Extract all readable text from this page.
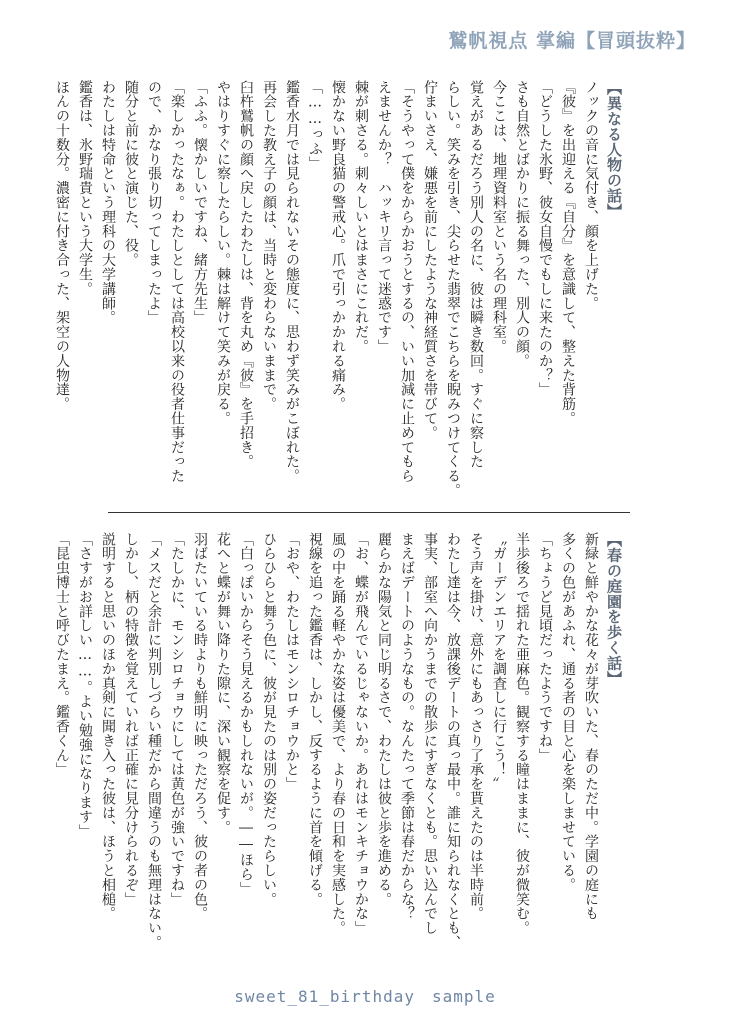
鷲帆視点 掌編【冒頭抜粋】
【異なる人物の話】
ノックの音に気付き、顔を上げた。
『彼』を出迎える『自分』を意識して、整えた背筋。
「どうした氷野、彼女自慢でもしに来たのか？」
さも自然とばかりに振る舞った、別人の顔。
今ここは、地理資料室という名の理科室。
覚えがあるだろう別人の名に、彼は瞬き数回。すぐに察した
らしい。笑みを引き、尖らせた翡翠でこちらを睨みつけてくる。
佇まいさえ、嫌悪を前にしたような神経質さを帯びて。
「そうやって僕をからかおうとするの、いい加減に止めてもら
えませんか？　ハッキリ言って迷惑です」
棘が刺さる。刺々しいとはまさにこれだ。
懐かない野良猫の警戒心。爪で引っかかれる痛み。
「……っふ」
鑑香水月では見られないその態度に、思わず笑みがこぼれた。
再会した教え子の顔は、当時と変わらないままで。
臼杵鷲帆の顔へ戻したわたしは、背を丸め『彼』を手招き。
やはりすぐに察したらしい。棘は解けて笑みが戻る。
「ふふ。懐かしいですね、緒方先生」
「楽しかったなぁ。わたしとしては高校以来の役者仕事だった
ので、かなり張り切ってしまったよ」
随分と前に彼と演じた、役。
わたしは特命という理科の大学講師。
鑑香は、氷野瑞貴という大学生。
ほんの十数分。濃密に付き合った、架空の人物達。
【春の庭園を歩く話】
新緑と鮮やかな花々が芽吹いた、春のただ中。学園の庭にも
多くの色があふれ、通る者の目と心を楽しませている。
「ちょうど見頃だったようですね」
半歩後ろで揺れた亜麻色。観察する瞳はままに、彼が微笑む。
〝ガーデンエリアを調査しに行こう！〟
そう声を掛け、意外にもあっさり了承を貰えたのは半時前。
わたし達は今、放課後デートの真っ最中。誰に知られなくとも、
事実、部室へ向かうまでの散歩にすぎなくとも。思い込んでし
まえばデートのようなもの。なんたって季節は春だからな？
麗らかな陽気と同じ明るさで、わたしは彼と歩を進める。
「お、蝶が飛んでいるじゃないか。あれはモンキチョウかな」
風の中を踊る軽やかな姿は優美で、より春の日和を実感した。
視線を追った鑑香は、しかし、反するように首を傾げる。
「おや、わたしはモンシロチョウかと」
ひらひらと舞う色に、彼が見たのは別の姿だったらしい。
「白っぽいからそう見えるかもしれないが。――ほら」
花へと蝶が舞い降りた隙に、深い観察を促す。
羽ばたいている時よりも鮮明に映っただろう、彼の者の色。
「たしかに、モンシロチョウにしては黄色が強いですね」
「メスだと余計に判別しづらい種だから間違うのも無理はない。
しかし、柄の特徴を覚えていれば正確に見分けられるぞ」
説明すると思いのほか真剣に聞き入った彼は、ほうと相槌。
「さすがお詳しい……。よい勉強になります」
「昆虫博士と呼びたまえ。鑑香くん」
sweet_81_birthday　sample
